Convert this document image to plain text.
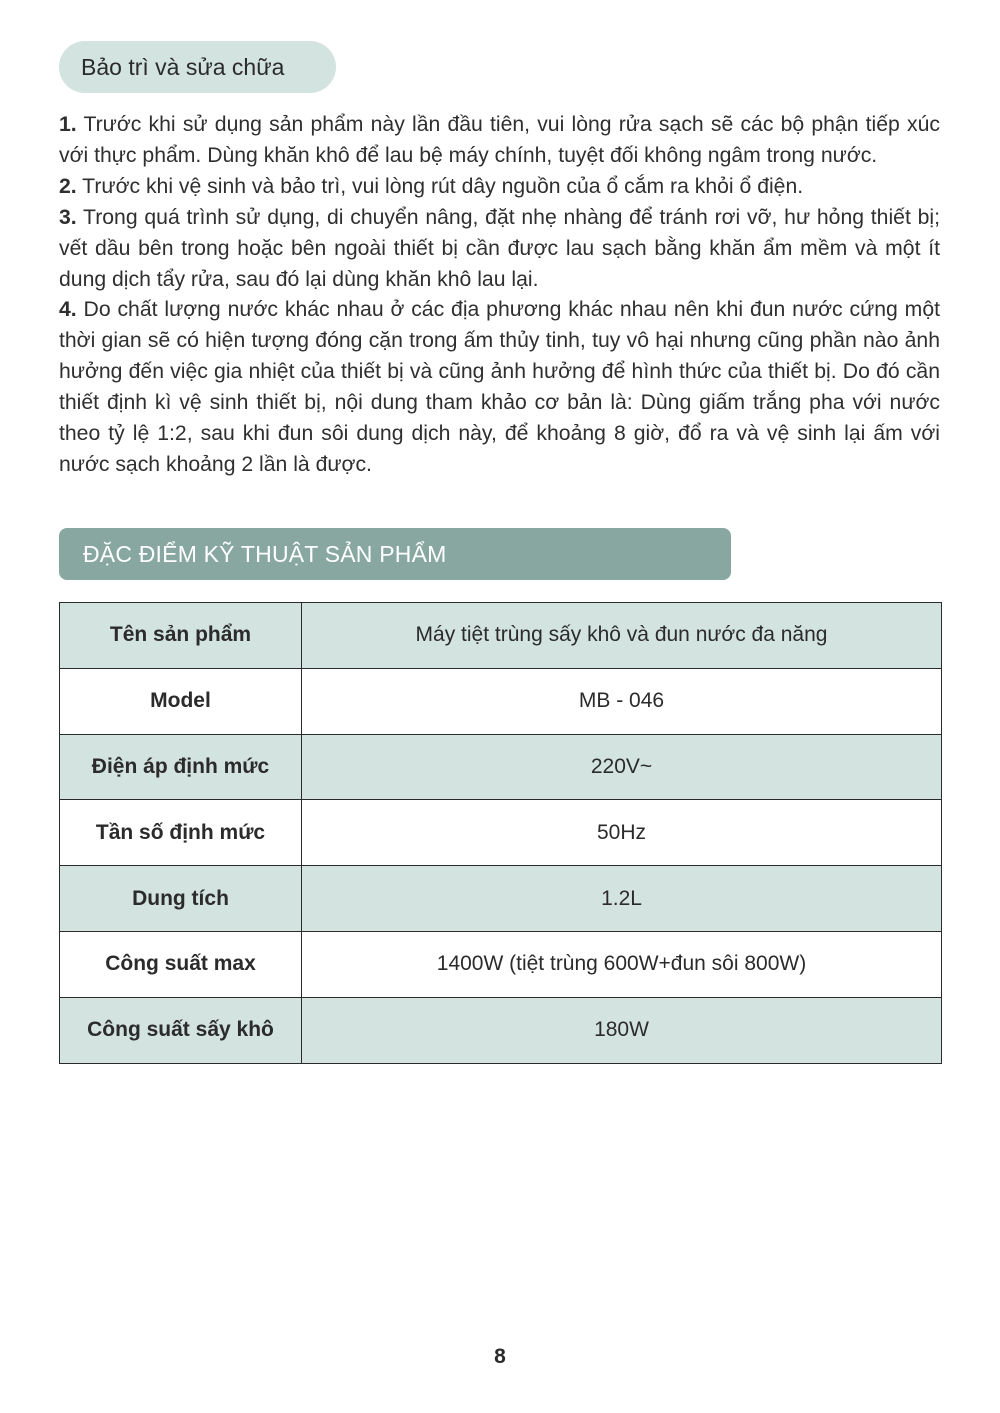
Bảo trì và sửa chữa

1. Trước khi sử dụng sản phẩm này lần đầu tiên, vui lòng rửa sạch sẽ các bộ phận tiếp xúc với thực phẩm. Dùng khăn khô để lau bệ máy chính, tuyệt đối không ngâm trong nước.

2. Trước khi vệ sinh và bảo trì, vui lòng rút dây nguồn của ổ cắm ra khỏi ổ điện.

3. Trong quá trình sử dụng, di chuyển nâng, đặt nhẹ nhàng để tránh rơi vỡ, hư hỏng thiết bị; vết dầu bên trong hoặc bên ngoài thiết bị cần được lau sạch bằng khăn ẩm mềm và một ít dung dịch tẩy rửa, sau đó lại dùng khăn khô lau lại.

4. Do chất lượng nước khác nhau ở các địa phương khác nhau nên khi đun nước cứng một thời gian sẽ có hiện tượng đóng cặn trong ấm thủy tinh, tuy vô hại nhưng cũng phần nào ảnh hưởng đến việc gia nhiệt của thiết bị và cũng ảnh hưởng để hình thức của thiết bị. Do đó cần thiết định kì vệ sinh thiết bị, nội dung tham khảo cơ bản là: Dùng giấm trắng pha với nước theo tỷ lệ 1:2, sau khi đun sôi dung dịch này, để khoảng 8 giờ, đổ ra và vệ sinh lại ấm với nước sạch khoảng 2 lần là được.

ĐẶC ĐIỂM KỸ THUẬT SẢN PHẨM
Tên sản phẩm	Máy tiệt trùng sấy khô và đun nước đa năng
Model	MB - 046
Điện áp định mức	220V~
Tần số định mức	50Hz
Dung tích	1.2L
Công suất max	1400W (tiệt trùng 600W+đun sôi 800W)
Công suất sấy khô	180W
8
